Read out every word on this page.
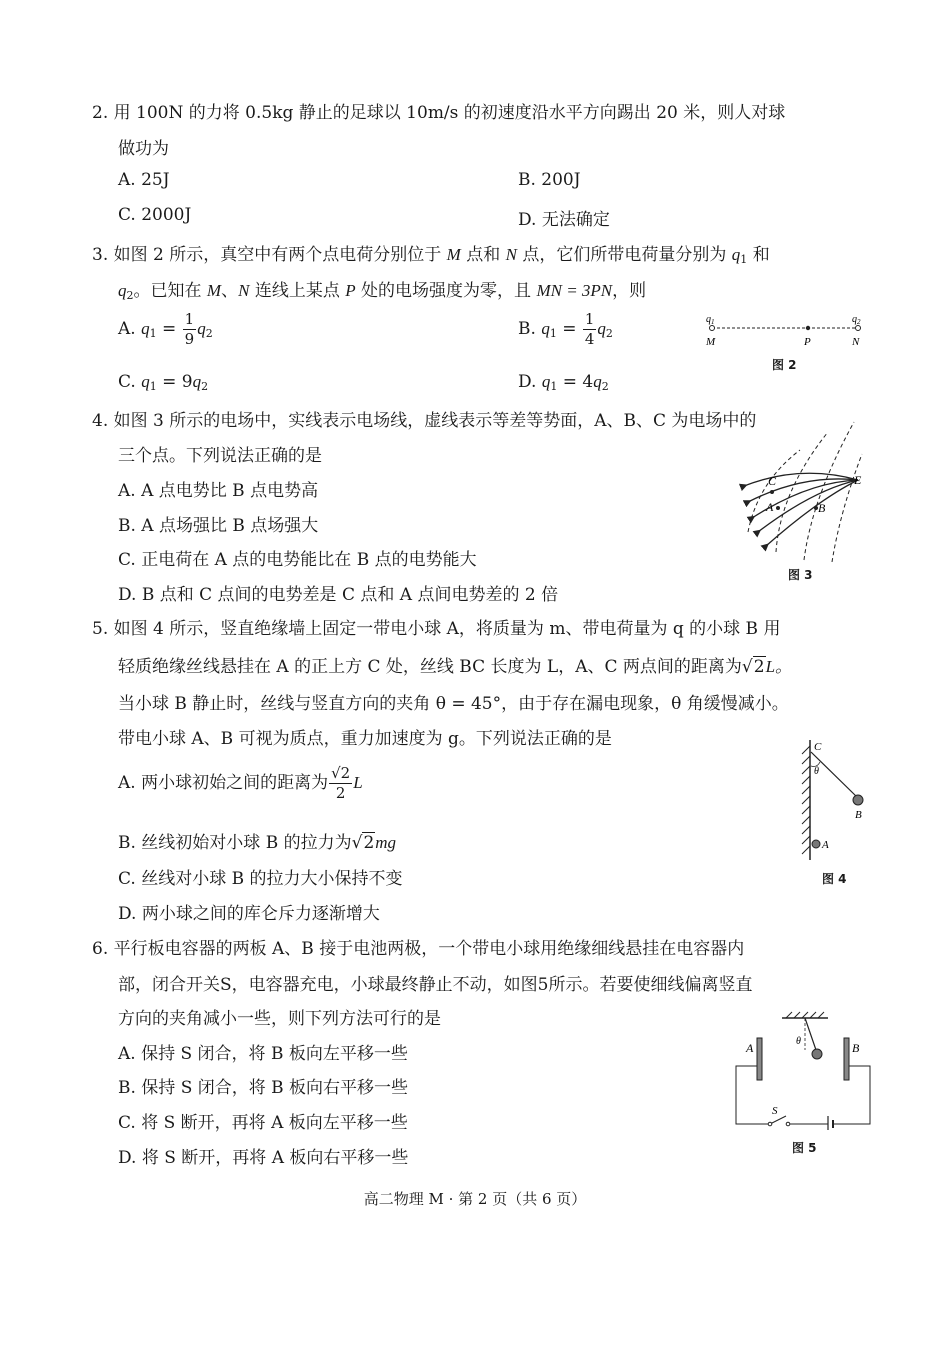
2. 用 100N 的力将 0.5kg 静止的足球以 10m/s 的初速度沿水平方向踢出 20 米，则人对球
做功为
A. 25J	B. 200J
C. 2000J	D. 无法确定
3. 如图 2 所示，真空中有两个点电荷分别位于 M 点和 N 点，它们所带电荷量分别为 $q_1$ 和
$q_2$。已知在 M、N 连线上某点 P 处的电场强度为零，且 MN = 3PN，则
A. $q_1 = \frac{1}{9} q_2$	B. $q_1 = \frac{1}{4} q_2$
C. $q_1 = 9q_2$	D. $q_1 = 4q_2$
$q_1$	$q_2$
M	P	N
图 2
4. 如图 3 所示的电场中，实线表示电场线，虚线表示等差等势面，A、B、C 为电场中的
三个点。下列说法正确的是
A. A 点电势比 B 点电势高
B. A 点场强比 B 点场强大
C. 正电荷在 A 点的电势能比在 B 点的电势能大
D. B 点和 C 点间的电势差是 C 点和 A 点间电势差的 2 倍
C
A	B
E
图 3
5. 如图 4 所示，竖直绝缘墙上固定一带电小球 A，将质量为 m、带电荷量为 q 的小球 B 用
轻质绝缘丝线悬挂在 A 的正上方 C 处，丝线 BC 长度为 L，A、C 两点间的距离为√2L。
当小球 B 静止时，丝线与竖直方向的夹角 θ = 45°，由于存在漏电现象，θ 角缓慢减小。
带电小球 A、B 可视为质点，重力加速度为 g。下列说法正确的是
A. 两小球初始之间的距离为 $\frac{√2}{2}$ L
B. 丝线初始对小球 B 的拉力为√2mg
C. 丝线对小球 B 的拉力大小保持不变
D. 两小球之间的库仑斥力逐渐增大
C
θ
B
A
图 4
6. 平行板电容器的两板 A、B 接于电池两极，一个带电小球用绝缘细线悬挂在电容器内
部，闭合开关S，电容器充电，小球最终静止不动，如图5所示。若要使细线偏离竖直
方向的夹角减小一些，则下列方法可行的是
A. 保持 S 闭合，将 B 板向左平移一些
B. 保持 S 闭合，将 B 板向右平移一些
C. 将 S 断开，再将 A 板向左平移一些
D. 将 S 断开，再将 A 板向右平移一些
θ
A	B
S
图 5
高二物理 M · 第 2 页（共 6 页）
